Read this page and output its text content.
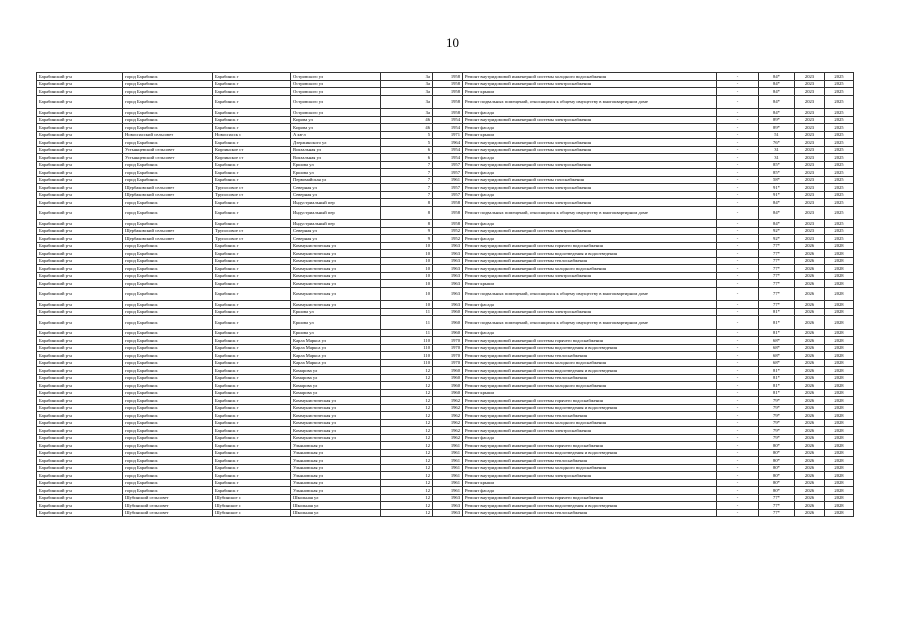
10
Барабинский р-н	город Барабинск	Барабинск г	Островского ул	3а	1958	Ремонт внутридомовой инженерной системы холодного водоснабжения	-	84*	2023	2025
Барабинский р-н	город Барабинск	Барабинск г	Островского ул	3а	1958	Ремонт внутридомовой инженерной системы электроснабжения	-	84*	2023	2025
Барабинский р-н	город Барабинск	Барабинск г	Островского ул	3а	1958	Ремонт крыши	-	84*	2023	2025
Барабинский р-н	город Барабинск	Барабинск г	Островского ул	3а	1958	Ремонт подвальных помещений, относящихся к общему имуществу в многоквартирном доме	-	84*	2023	2025
Барабинский р-н	город Барабинск	Барабинск г	Островского ул	3а	1958	Ремонт фасада	-	84*	2023	2025
Барабинский р-н	город Барабинск	Барабинск г	Кирова ул	46	1954	Ремонт внутридомовой инженерной системы электроснабжения	-	89*	2023	2025
Барабинский р-н	город Барабинск	Барабинск г	Кирова ул	46	1954	Ремонт фасада	-	89*	2023	2025
Барабинский р-н	Новоспасский сельсовет	Новоспасск с	А кв-л	5	1971	Ремонт крыши	-	51	2023	2025
Барабинский р-н	город Барабинск	Барабинск г	Дзержинского ул	5	1964	Ремонт внутридомовой инженерной системы электроснабжения	-	76*	2023	2025
Барабинский р-н	Устьянцевский сельсовет	Кирзинское ст	Вокзальная ул	6	1954	Ремонт внутридомовой инженерной системы электроснабжения	-	31	2023	2025
Барабинский р-н	Устьянцевский сельсовет	Кирзинское ст	Вокзальная ул	6	1954	Ремонт фасада	-	31	2023	2025
Барабинский р-н	город Барабинск	Барабинск г	Ершова ул	7	1957	Ремонт внутридомовой инженерной системы электроснабжения	-	85*	2023	2025
Барабинский р-н	город Барабинск	Барабинск г	Ершова ул	7	1957	Ремонт фасада	-	85*	2023	2025
Барабинский р-н	город Барабинск	Барабинск г	Первомайская ул	7	1961	Ремонт внутридомовой инженерной системы газоснабжения	-	58*	2023	2025
Барабинский р-н	Щербаковский сельсовет	Трупосовое ст	Северная ул	7	1957	Ремонт внутридомовой инженерной системы электроснабжения	-	91*	2023	2025
Барабинский р-н	Щербаковский сельсовет	Трупосовое ст	Северная ул	7	1957	Ремонт фасада	-	91*	2023	2025
Барабинский р-н	город Барабинск	Барабинск г	Индустриальный пер	8	1958	Ремонт внутридомовой инженерной системы электроснабжения	-	84*	2023	2025
Барабинский р-н	город Барабинск	Барабинск г	Индустриальный пер	8	1958	Ремонт подвальных помещений, относящихся к общему имуществу в многоквартирном доме	-	84*	2023	2025
Барабинский р-н	город Барабинск	Барабинск г	Индустриальный пер	8	1958	Ремонт фасада	-	84*	2023	2025
Барабинский р-н	Щербаковский сельсовет	Трупосовое ст	Северная ул	9	1952	Ремонт внутридомовой инженерной системы электроснабжения	-	92*	2023	2025
Барабинский р-н	Щербаковский сельсовет	Трупосовое ст	Северная ул	9	1952	Ремонт фасада	-	92*	2023	2025
Барабинский р-н	город Барабинск	Барабинск г	Коммунистическая ул	10	1963	Ремонт внутридомовой инженерной системы горячего водоснабжения	-	77*	2026	2028
Барабинский р-н	город Барабинск	Барабинск г	Коммунистическая ул	10	1963	Ремонт внутридомовой инженерной системы водоотведения и водоотведения	-	77*	2026	2028
Барабинский р-н	город Барабинск	Барабинск г	Коммунистическая ул	10	1963	Ремонт внутридомовой инженерной системы теплоснабжения	-	77*	2026	2028
Барабинский р-н	город Барабинск	Барабинск г	Коммунистическая ул	10	1963	Ремонт внутридомовой инженерной системы холодного водоснабжения	-	77*	2026	2028
Барабинский р-н	город Барабинск	Барабинск г	Коммунистическая ул	10	1963	Ремонт внутридомовой инженерной системы электроснабжения	-	77*	2026	2028
Барабинский р-н	город Барабинск	Барабинск г	Коммунистическая ул	10	1963	Ремонт крыши	-	77*	2026	2028
Барабинский р-н	город Барабинск	Барабинск г	Коммунистическая ул	10	1963	Ремонт подвальных помещений, относящихся к общему имуществу в многоквартирном доме	-	77*	2026	2028
Барабинский р-н	город Барабинск	Барабинск г	Коммунистическая ул	10	1963	Ремонт фасада	-	77*	2026	2028
Барабинский р-н	город Барабинск	Барабинск г	Ершова ул	11	1960	Ремонт внутридомовой инженерной системы электроснабжения	-	81*	2026	2028
Барабинский р-н	город Барабинск	Барабинск г	Ершова ул	11	1960	Ремонт подвальных помещений, относящихся к общему имуществу в многоквартирном доме	-	81*	2026	2028
Барабинский р-н	город Барабинск	Барабинск г	Ершова ул	11	1960	Ремонт фасада	-	81*	2026	2028
Барабинский р-н	город Барабинск	Барабинск г	Карла Маркса ул	110	1970	Ремонт внутридомовой инженерной системы горячего водоснабжения	-	68*	2026	2028
Барабинский р-н	город Барабинск	Барабинск г	Карла Маркса ул	110	1970	Ремонт внутридомовой инженерной системы водоотведения и водоотведения	-	68*	2026	2028
Барабинский р-н	город Барабинск	Барабинск г	Карла Маркса ул	110	1970	Ремонт внутридомовой инженерной системы теплоснабжения	-	68*	2026	2028
Барабинский р-н	город Барабинск	Барабинск г	Карла Маркса ул	110	1970	Ремонт внутридомовой инженерной системы холодного водоснабжения	-	68*	2026	2028
Барабинский р-н	город Барабинск	Барабинск г	Комарова ул	12	1960	Ремонт внутридомовой инженерной системы водоотведения и водоотведения	-	81*	2026	2028
Барабинский р-н	город Барабинск	Барабинск г	Комарова ул	12	1960	Ремонт внутридомовой инженерной системы теплоснабжения	-	81*	2026	2028
Барабинский р-н	город Барабинск	Барабинск г	Комарова ул	12	1960	Ремонт внутридомовой инженерной системы холодного водоснабжения	-	81*	2026	2028
Барабинский р-н	город Барабинск	Барабинск г	Комарова ул	12	1960	Ремонт крыши	-	81*	2026	2028
Барабинский р-н	город Барабинск	Барабинск г	Коммунистическая ул	12	1962	Ремонт внутридомовой инженерной системы горячего водоснабжения	-	79*	2026	2028
Барабинский р-н	город Барабинск	Барабинск г	Коммунистическая ул	12	1962	Ремонт внутридомовой инженерной системы водоотведения и водоотведения	-	79*	2026	2028
Барабинский р-н	город Барабинск	Барабинск г	Коммунистическая ул	12	1962	Ремонт внутридомовой инженерной системы теплоснабжения	-	79*	2026	2028
Барабинский р-н	город Барабинск	Барабинск г	Коммунистическая ул	12	1962	Ремонт внутридомовой инженерной системы холодного водоснабжения	-	79*	2026	2028
Барабинский р-н	город Барабинск	Барабинск г	Коммунистическая ул	12	1962	Ремонт внутридомовой инженерной системы электроснабжения	-	79*	2026	2028
Барабинский р-н	город Барабинск	Барабинск г	Коммунистическая ул	12	1962	Ремонт фасада	-	79*	2026	2028
Барабинский р-н	город Барабинск	Барабинск г	Ульяновская ул	12	1961	Ремонт внутридомовой инженерной системы горячего водоснабжения	-	80*	2026	2028
Барабинский р-н	город Барабинск	Барабинск г	Ульяновская ул	12	1961	Ремонт внутридомовой инженерной системы водоотведения и водоотведения	-	80*	2026	2028
Барабинский р-н	город Барабинск	Барабинск г	Ульяновская ул	12	1961	Ремонт внутридомовой инженерной системы теплоснабжения	-	80*	2026	2028
Барабинский р-н	город Барабинск	Барабинск г	Ульяновская ул	12	1961	Ремонт внутридомовой инженерной системы холодного водоснабжения	-	80*	2026	2028
Барабинский р-н	город Барабинск	Барабинск г	Ульяновская ул	12	1961	Ремонт внутридомовой инженерной системы электроснабжения	-	80*	2026	2028
Барабинский р-н	город Барабинск	Барабинск г	Ульяновская ул	12	1961	Ремонт крыши	-	80*	2026	2028
Барабинский р-н	город Барабинск	Барабинск г	Ульяновская ул	12	1961	Ремонт фасада	-	80*	2026	2028
Барабинский р-н	Шубинский сельсовет	Шубинское с	Школьная ул	12	1963	Ремонт внутридомовой инженерной системы горячего водоснабжения	-	77*	2026	2028
Барабинский р-н	Шубинский сельсовет	Шубинское с	Школьная ул	12	1963	Ремонт внутридомовой инженерной системы водоотведения и водоотведения	-	77*	2026	2028
Барабинский р-н	Шубинский сельсовет	Шубинское с	Школьная ул	12	1963	Ремонт внутридомовой инженерной системы теплоснабжения	-	77*	2026	2028
